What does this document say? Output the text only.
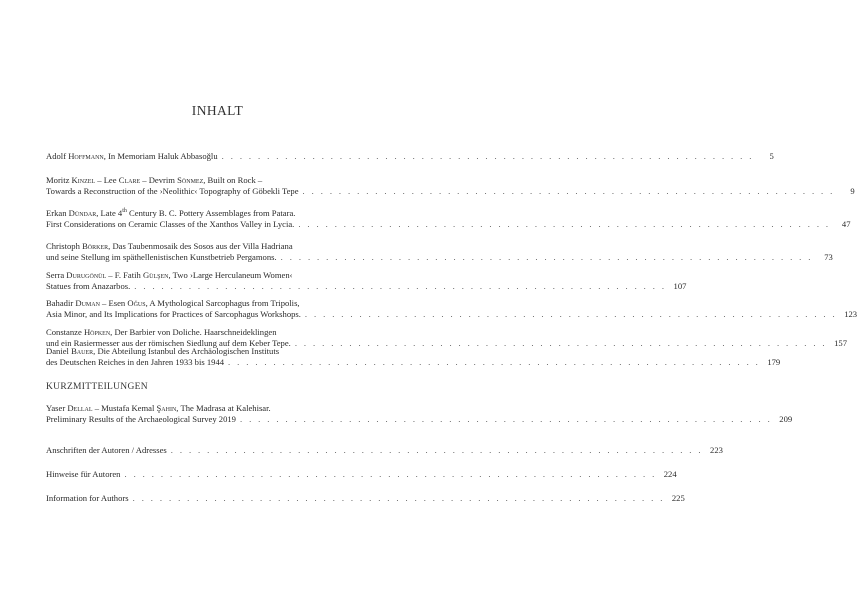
INHALT
Adolf Hoffmann, In Memoriam Haluk Abbasoğlu . . . . . . . . . . . . . . . . . . . . . . . . . . . . . . . . . . . . . . . . . . . . . . . . . . . . . . . . . . .	5
Moritz Kinzel – Lee Clare – Devrim Sönmez, Built on Rock –
Towards a Reconstruction of the ›Neolithic‹ Topography of Göbekli Tepe . . . . . . . . . . . . . . . . . . . . . . . . . . . . . . . . . . . . . . . . . . . . . . . . . . . . . . . . . . .	9
Erkan Dündar, Late 4th Century B. C. Pottery Assemblages from Patara.
First Considerations on Ceramic Classes of the Xanthos Valley in Lycia. . . . . . . . . . . . . . . . . . . . . . . . . . . . . . . . . . . . . . . . . . . . . . . . . . . . . . . . . . . .	47
Christoph Börker, Das Taubenmosaik des Sosos aus der Villa Hadriana
und seine Stellung im späthellenistischen Kunstbetrieb Pergamons. . . . . . . . . . . . . . . . . . . . . . . . . . . . . . . . . . . . . . . . . . . . . . . . . . . . . . . . . . . .	73
Serra Durugönül – F. Fatih Gülşen, Two ›Large Herculaneum Women‹
Statues from Anazarbos. . . . . . . . . . . . . . . . . . . . . . . . . . . . . . . . . . . . . . . . . . . . . . . . . . . . . . . . . . . . 107
Bahadir Duman – Esen Oğus, A Mythological Sarcophagus from Tripolis,
Asia Minor, and Its Implications for Practices of Sarcophagus Workshops. . . . . . . . . . . . . . . . . . . . . . . . . . . . . . . . . . . . . . . . . . . . . . . . . . . . . . . . . . . . 123
Constanze Höpken, Der Barbier von Doliche. Haarschneideklingen
und ein Rasiermesser aus der römischen Siedlung auf dem Keber Tepe. . . . . . . . . . . . . . . . . . . . . . . . . . . . . . . . . . . . . . . . . . . . . . . . . . . . . . . . . . . . 157
Daniel Bauer, Die Abteilung Istanbul des Archäologischen Instituts
des Deutschen Reiches in den Jahren 1933 bis 1944 . . . . . . . . . . . . . . . . . . . . . . . . . . . . . . . . . . . . . . . . . . . . . . . . . . . . . . . . . . . 179
KURZMITTEILUNGEN
Yaser Dellal – Mustafa Kemal Şahin, The Madrasa at Kalehisar.
Preliminary Results of the Archaeological Survey 2019 . . . . . . . . . . . . . . . . . . . . . . . . . . . . . . . . . . . . . . . . . . . . . . . . . . . . . . . . . . . 209
Anschriften der Autoren / Adresses . . . . . . . . . . . . . . . . . . . . . . . . . . . . . . . . . . . . . . . . . . . . . . . . . . . . . . . . . . . 223
Hinweise für Autoren . . . . . . . . . . . . . . . . . . . . . . . . . . . . . . . . . . . . . . . . . . . . . . . . . . . . . . . . . . . 224
Information for Authors . . . . . . . . . . . . . . . . . . . . . . . . . . . . . . . . . . . . . . . . . . . . . . . . . . . . . . . . . . . 225
